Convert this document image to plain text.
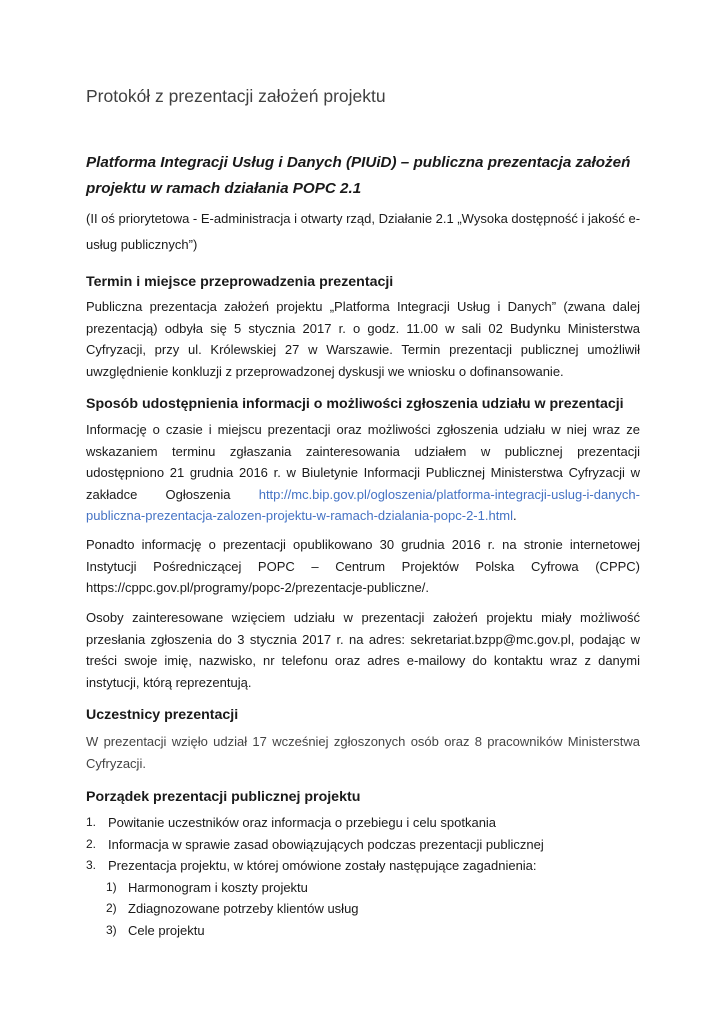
Protokół z prezentacji założeń projektu
Platforma Integracji Usług i Danych (PIUiD) – publiczna prezentacja założeń projektu w ramach działania POPC 2.1
(II oś priorytetowa - E-administracja i otwarty rząd, Działanie 2.1 „Wysoka dostępność i jakość e-usług publicznych”)
Termin i miejsce przeprowadzenia prezentacji
Publiczna prezentacja założeń projektu „Platforma Integracji Usług i Danych” (zwana dalej prezentacją) odbyła się 5 stycznia 2017 r. o godz. 11.00 w sali 02 Budynku Ministerstwa Cyfryzacji, przy ul. Królewskiej 27 w Warszawie. Termin prezentacji publicznej umożliwił uwzględnienie konkluzji z przeprowadzonej dyskusji we wniosku o dofinansowanie.
Sposób udostępnienia informacji o możliwości zgłoszenia udziału w prezentacji
Informację o czasie i miejscu prezentacji oraz możliwości zgłoszenia udziału w niej wraz ze wskazaniem terminu zgłaszania zainteresowania udziałem w publicznej prezentacji udostępniono 21 grudnia 2016 r. w Biuletynie Informacji Publicznej Ministerstwa Cyfryzacji w zakładce Ogłoszenia http://mc.bip.gov.pl/ogloszenia/platforma-integracji-uslug-i-danych-publiczna-prezentacja-zalozen-projektu-w-ramach-dzialania-popc-2-1.html.
Ponadto informację o prezentacji opublikowano 30 grudnia 2016 r. na stronie internetowej Instytucji Pośredniczącej POPC – Centrum Projektów Polska Cyfrowa (CPPC) https://cppc.gov.pl/programy/popc-2/prezentacje-publiczne/.
Osoby zainteresowane wzięciem udziału w prezentacji założeń projektu miały możliwość przesłania zgłoszenia do 3 stycznia 2017 r. na adres: sekretariat.bzpp@mc.gov.pl, podając w treści swoje imię, nazwisko, nr telefonu oraz adres e-mailowy do kontaktu wraz z danymi instytucji, którą reprezentują.
Uczestnicy prezentacji
W prezentacji wzięło udział 17 wcześniej zgłoszonych osób oraz 8 pracowników Ministerstwa Cyfryzacji.
Porządek prezentacji publicznej projektu
1. Powitanie uczestników oraz informacja o przebiegu i celu spotkania
2. Informacja w sprawie zasad obowiązujących podczas prezentacji publicznej
3. Prezentacja projektu, w której omówione zostały następujące zagadnienia:
1) Harmonogram i koszty projektu
2) Zdiagnozowane potrzeby klientów usług
3) Cele projektu
